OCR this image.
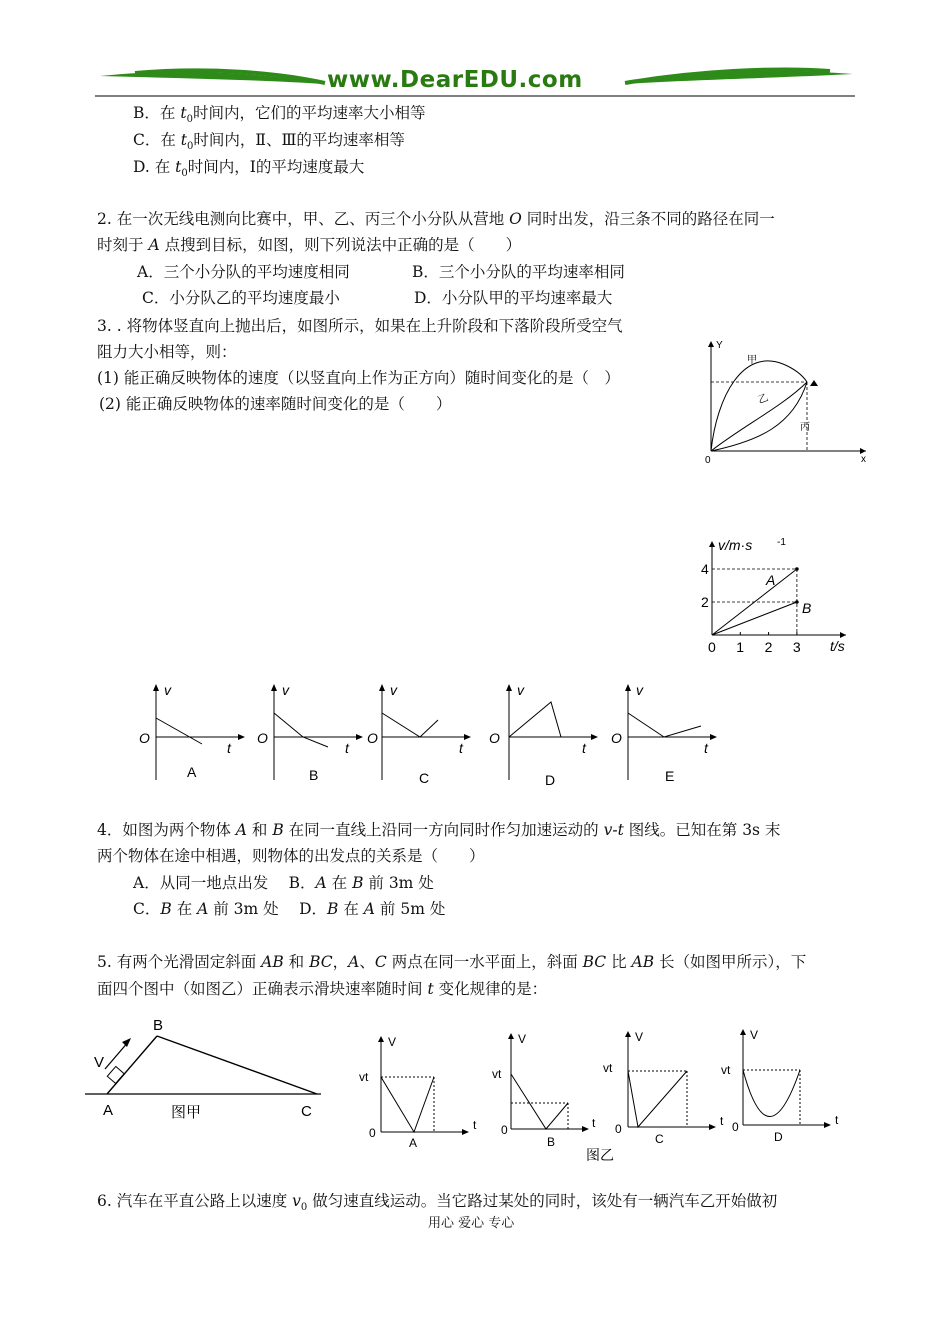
www.DearEDU.com
B．在 $t_0$时间内，它们的平均速率大小相等
C．在 $t_0$时间内，Ⅱ、Ⅲ的平均速率相等
D. 在 $t_0$时间内，Ⅰ的平均速度最大
2. 在一次无线电测向比赛中，甲、乙、丙三个小分队从营地 O 同时出发，沿三条不同的路径在同一
时刻于 A 点搜到目标，如图，则下列说法中正确的是（　　）
A．三个小分队的平均速度相同	B．三个小分队的平均速率相同
C．小分队乙的平均速度最小	D．小分队甲的平均速率最大
Y
x
0
甲
乙
丙
3. . 将物体竖直向上抛出后，如图所示，如果在上升阶段和下落阶段所受空气
阻力大小相等，则：
(1) 能正确反映物体的速度（以竖直向上作为正方向）随时间变化的是（　）
(2) 能正确反映物体的速率随时间变化的是（　　）
v/m·s -1
t/s
0 1 2 3
4
2
A
B
v
O
t
A
v
O
t
B
v
O
t
C
v
O
t
D
v
O
t
E
4．如图为两个物体 A 和 B 在同一直线上沿同一方向同时作匀加速运动的 v-t 图线。已知在第 3s 末
两个物体在途中相遇，则物体的出发点的关系是（　　）
A．从同一地点出发　 B．A 在 B 前 3m 处
C．B 在 A 前 3m 处　 D．B 在 A 前 5m 处
5. 有两个光滑固定斜面 AB 和 BC，A、C 两点在同一水平面上，斜面 BC 比 AB 长（如图甲所示），下
面四个图中（如图乙）正确表示滑块速率随时间 t 变化规律的是：
V
A
B
C
图甲
V
vt
0
t
A
V
vt
0	t
B
V
vt
0
t
C
V
vt
0	t
D
图乙
6. 汽车在平直公路上以速度 $v_0$ 做匀速直线运动。当它路过某处的同时，该处有一辆汽车乙开始做初
用心 爱心 专心
